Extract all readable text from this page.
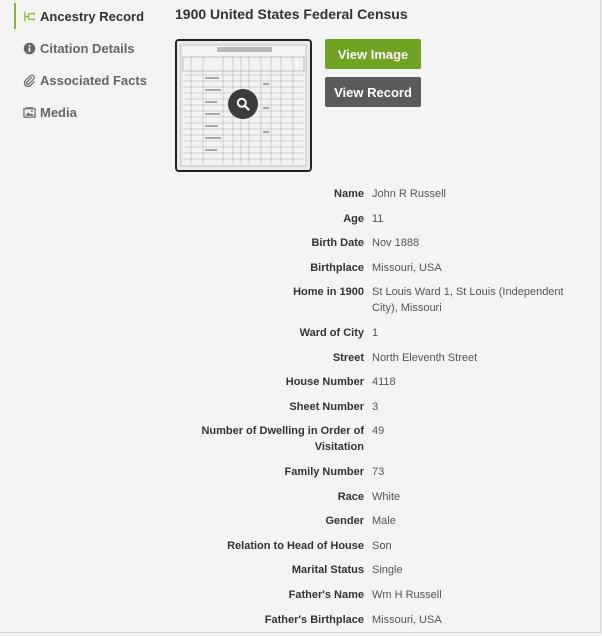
Ancestry Record
Citation Details
Associated Facts
Media
1900 United States Federal Census
View Image
View Record
Name John R Russell
Age 11
Birth Date Nov 1888
Birthplace Missouri, USA
Home in 1900 St Louis Ward 1, St Louis (Independent City), Missouri
Ward of City 1
Street North Eleventh Street
House Number 4118
Sheet Number 3
Number of Dwelling in Order of Visitation
49
Family Number 73
Race White
Gender Male
Relation to Head of House Son
Marital Status Single
Father's Name Wm H Russell
Father's Birthplace Missouri, USA
